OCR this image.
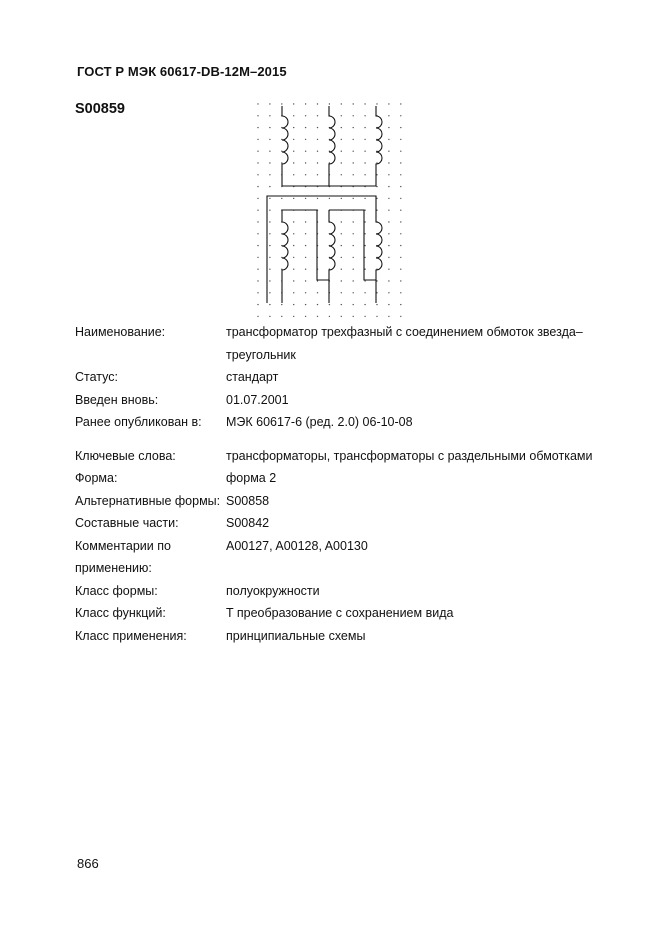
ГОСТ Р МЭК 60617-DB-12M–2015
S00859
Наименование:	трансформатор трехфазный с соединением обмоток звезда–треугольник
Статус:	стандарт
Введен вновь:	01.07.2001
Ранее опубликован в:	МЭК 60617-6 (ред. 2.0) 06-10-08
Ключевые слова:	трансформаторы, трансформаторы с раздельными обмотками
Форма:	форма 2
Альтернативные формы: S00858
Составные части:	S00842
Комментарии по применению:
A00127, A00128, A00130
Класс формы:	полуокружности
Класс функций:	T преобразование с сохранением вида
Класс применения:	принципиальные схемы
866
